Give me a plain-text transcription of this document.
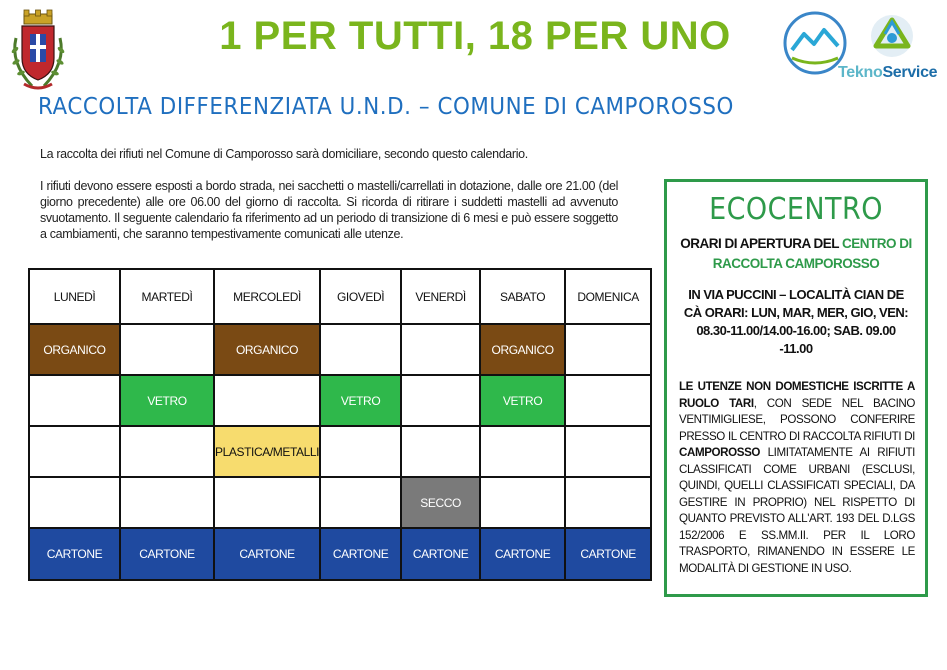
1 PER TUTTI, 18 PER UNO
TeknoService
RACCOLTA DIFFERENZIATA U.N.D. – COMUNE DI CAMPOROSSO
La raccolta dei rifiuti nel Comune di Camporosso sarà domiciliare, secondo questo calendario.
I rifiuti devono essere esposti a bordo strada, nei sacchetti o mastelli/carrellati in dotazione, dalle ore 21.00 (del giorno precedente) alle ore 06.00 del giorno di raccolta. Si ricorda di ritirare i suddetti mastelli ad avvenuto svuotamento. Il seguente calendario fa riferimento ad un periodo di transizione di 6 mesi e può essere soggetto a cambiamenti, che saranno tempestivamente comunicati alle utenze.
LUNEDÌ	MARTEDÌ	MERCOLEDÌ	GIOVEDÌ	VENERDÌ	SABATO	DOMENICA
ORGANICO		ORGANICO			ORGANICO	
	VETRO		VETRO		VETRO	
		PLASTICA/METALLI				
				SECCO		
CARTONE	CARTONE	CARTONE	CARTONE	CARTONE	CARTONE	CARTONE
ECOCENTRO
ORARI DI APERTURA DEL CENTRO DI RACCOLTA CAMPOROSSO
IN VIA PUCCINI – LOCALITÀ CIAN DE CÀ ORARI: LUN, MAR, MER, GIO, VEN: 08.30-11.00/14.00-16.00; SAB. 09.00 -11.00
LE UTENZE NON DOMESTICHE ISCRITTE A RUOLO TARI, CON SEDE NEL BACINO VENTIMIGLIESE, POSSONO CONFERIRE PRESSO IL CENTRO DI RACCOLTA RIFIUTI DI CAMPOROSSO LIMITATAMENTE AI RIFIUTI CLASSIFICATI COME URBANI (ESCLUSI, QUINDI, QUELLI CLASSIFICATI SPECIALI, DA GESTIRE IN PROPRIO) NEL RISPETTO DI QUANTO PREVISTO ALL'ART. 193 DEL D.LGS 152/2006 E SS.MM.II. PER IL LORO TRASPORTO, RIMANENDO IN ESSERE LE MODALITÀ DI GESTIONE IN USO.
